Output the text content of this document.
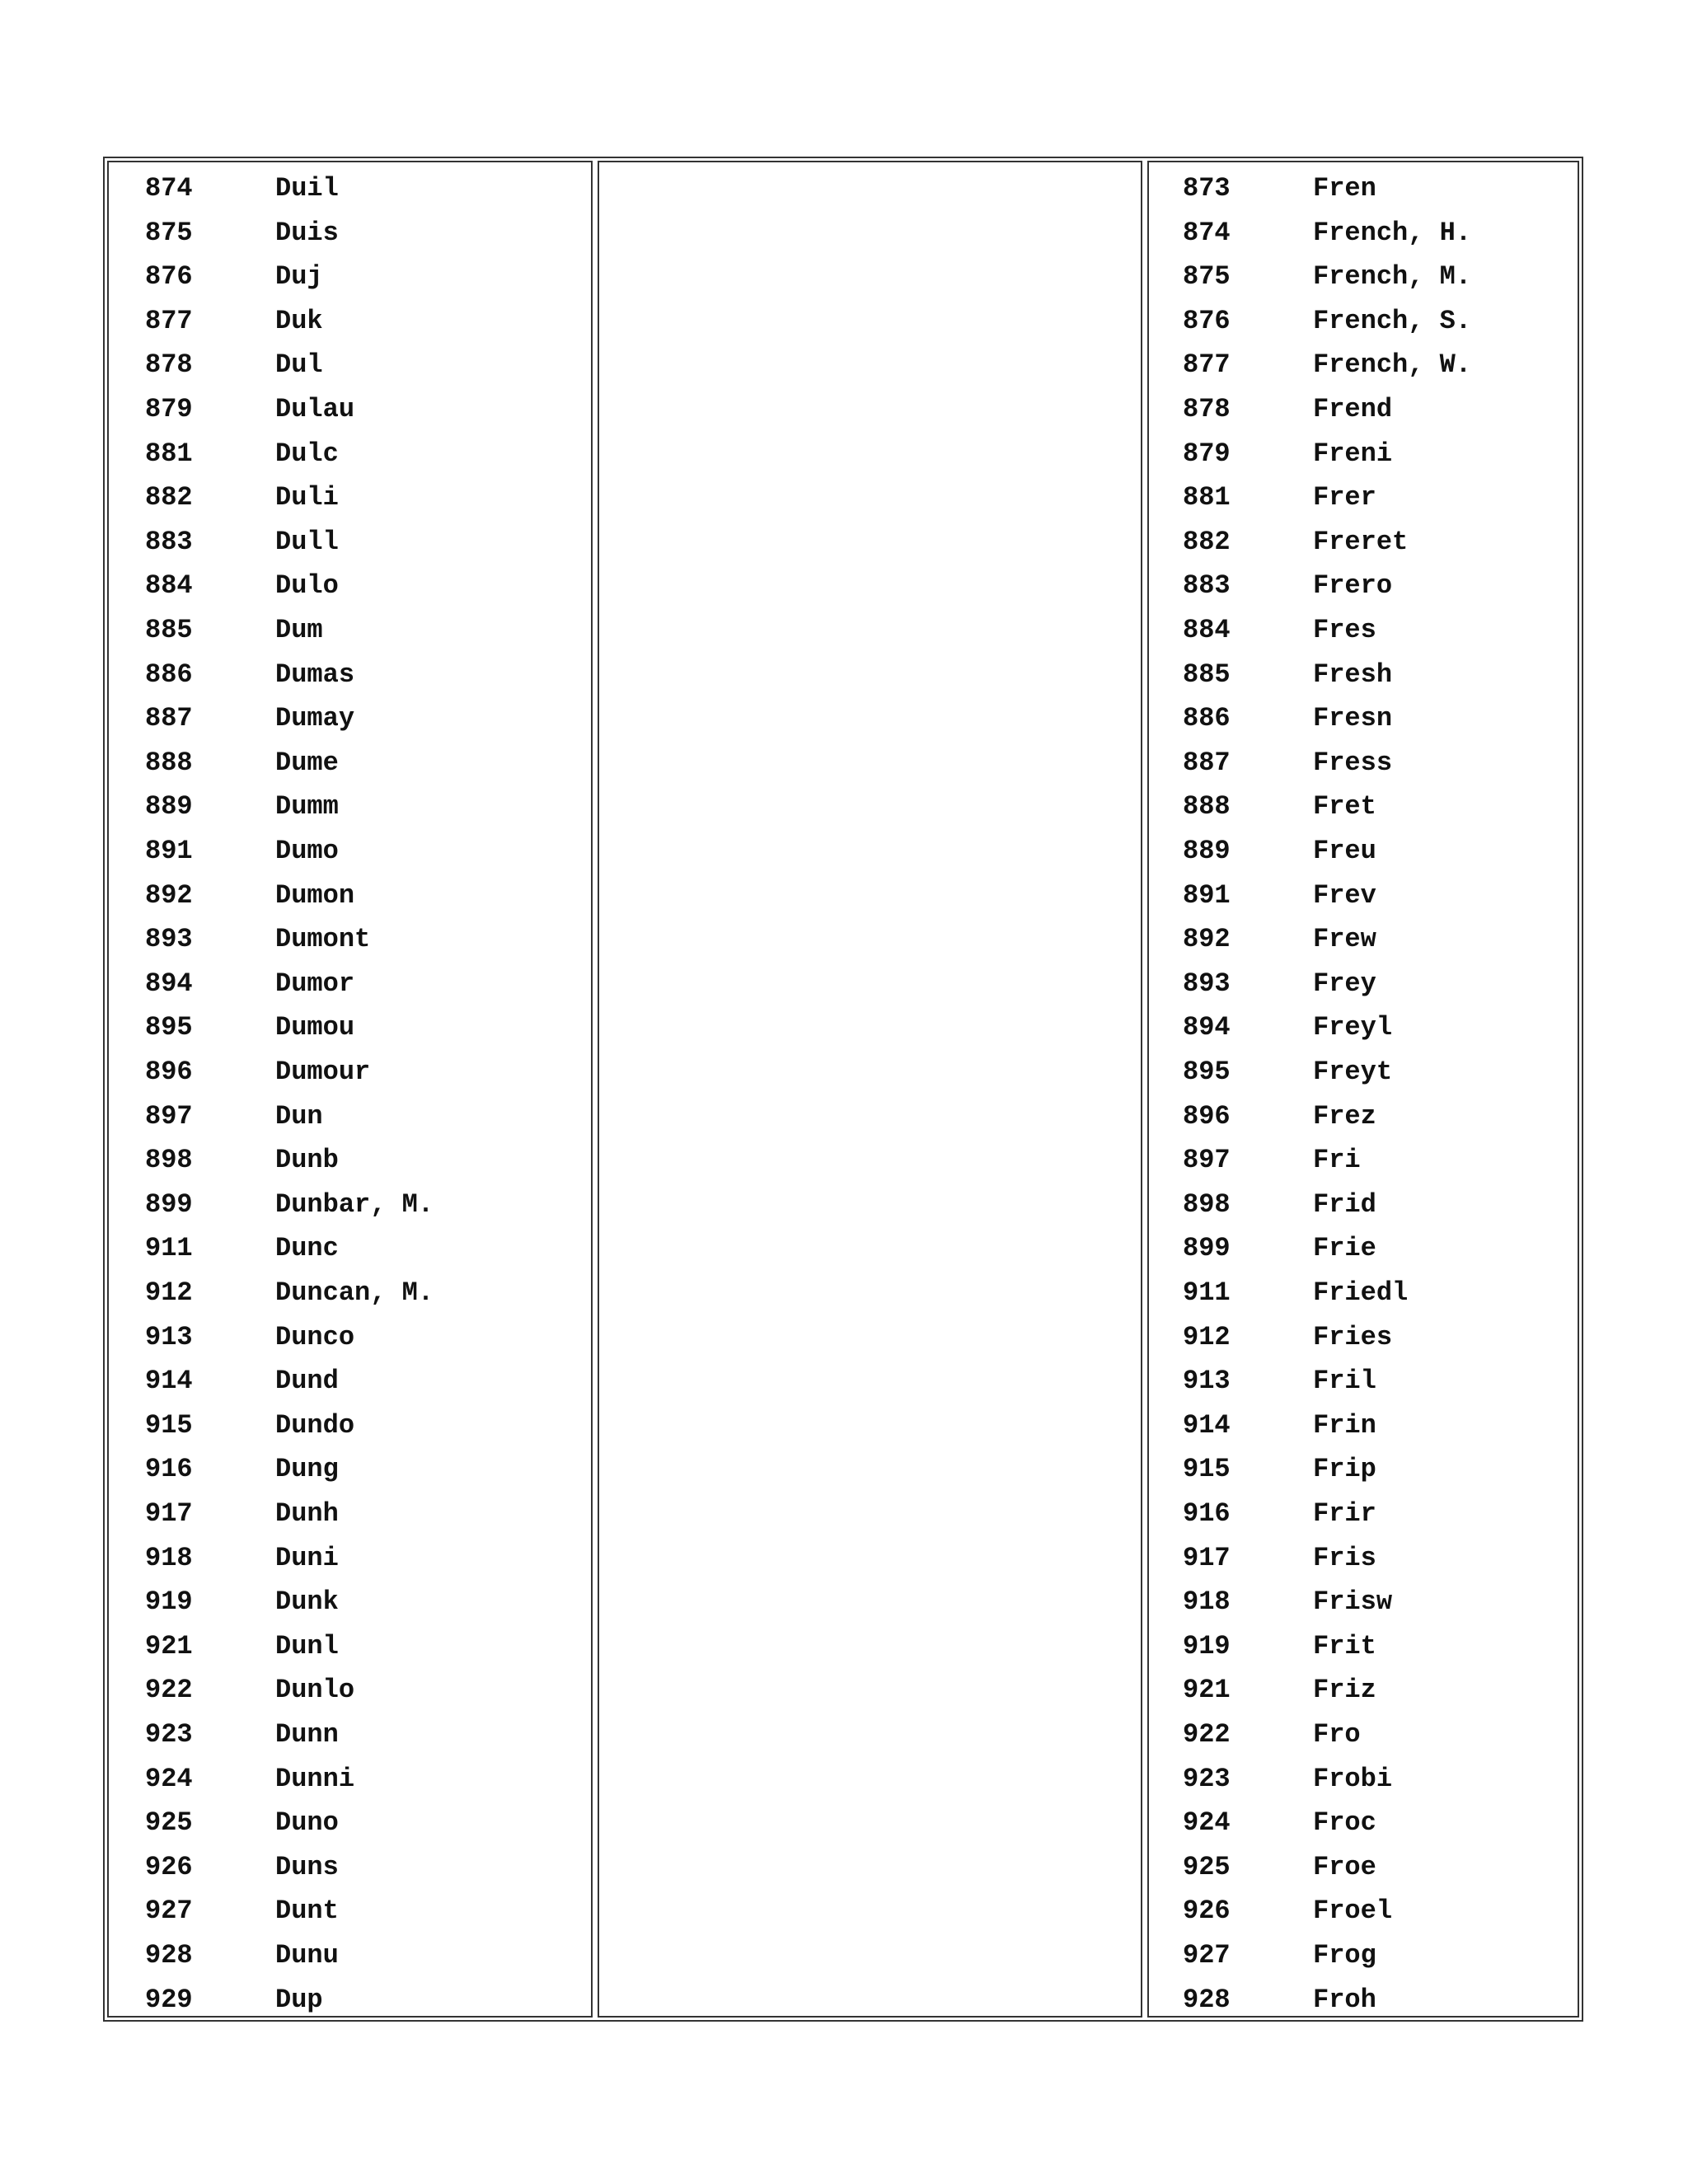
874	Duil
875	Duis
876	Duj
877	Duk
878	Dul
879	Dulau
881	Dulc
882	Duli
883	Dull
884	Dulo
885	Dum
886	Dumas
887	Dumay
888	Dume
889	Dumm
891	Dumo
892	Dumon
893	Dumont
894	Dumor
895	Dumou
896	Dumour
897	Dun
898	Dunb
899	Dunbar, M.
911	Dunc
912	Duncan, M.
913	Dunco
914	Dund
915	Dundo
916	Dung
917	Dunh
918	Duni
919	Dunk
921	Dunl
922	Dunlo
923	Dunn
924	Dunni
925	Duno
926	Duns
927	Dunt
928	Dunu
929	Dup
873	Fren
874	French, H.
875	French, M.
876	French, S.
877	French, W.
878	Frend
879	Freni
881	Frer
882	Freret
883	Frero
884	Fres
885	Fresh
886	Fresn
887	Fress
888	Fret
889	Freu
891	Frev
892	Frew
893	Frey
894	Freyl
895	Freyt
896	Frez
897	Fri
898	Frid
899	Frie
911	Friedl
912	Fries
913	Fril
914	Frin
915	Frip
916	Frir
917	Fris
918	Frisw
919	Frit
921	Friz
922	Fro
923	Frobi
924	Froc
925	Froe
926	Froel
927	Frog
928	Froh
